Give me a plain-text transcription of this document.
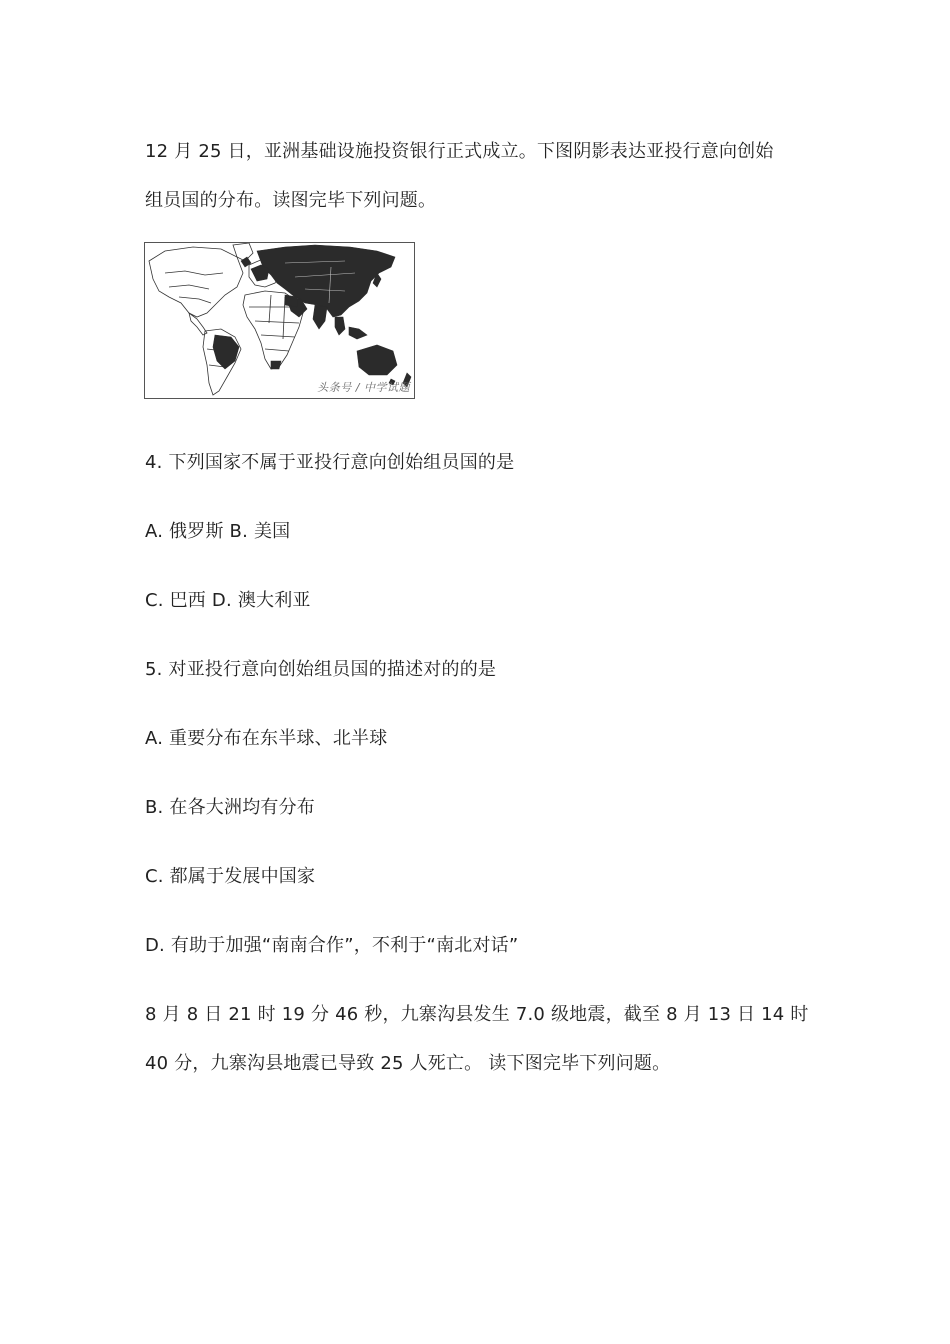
12 月 25 日，亚洲基础设施投资银行正式成立。下图阴影表达亚投行意向创始
组员国的分布。读图完毕下列问题。
头条号 / 中学试题
4. 下列国家不属于亚投行意向创始组员国的是
A. 俄罗斯 B. 美国
C. 巴西 D. 澳大利亚
5. 对亚投行意向创始组员国的描述对的的是
A. 重要分布在东半球、北半球
B. 在各大洲均有分布
C. 都属于发展中国家
D. 有助于加强“南南合作”，不利于“南北对话”
8 月 8 日 21 时 19 分 46 秒，九寨沟县发生 7.0 级地震，截至 8 月 13 日 14 时
40 分，九寨沟县地震已导致 25 人死亡。 读下图完毕下列问题。
